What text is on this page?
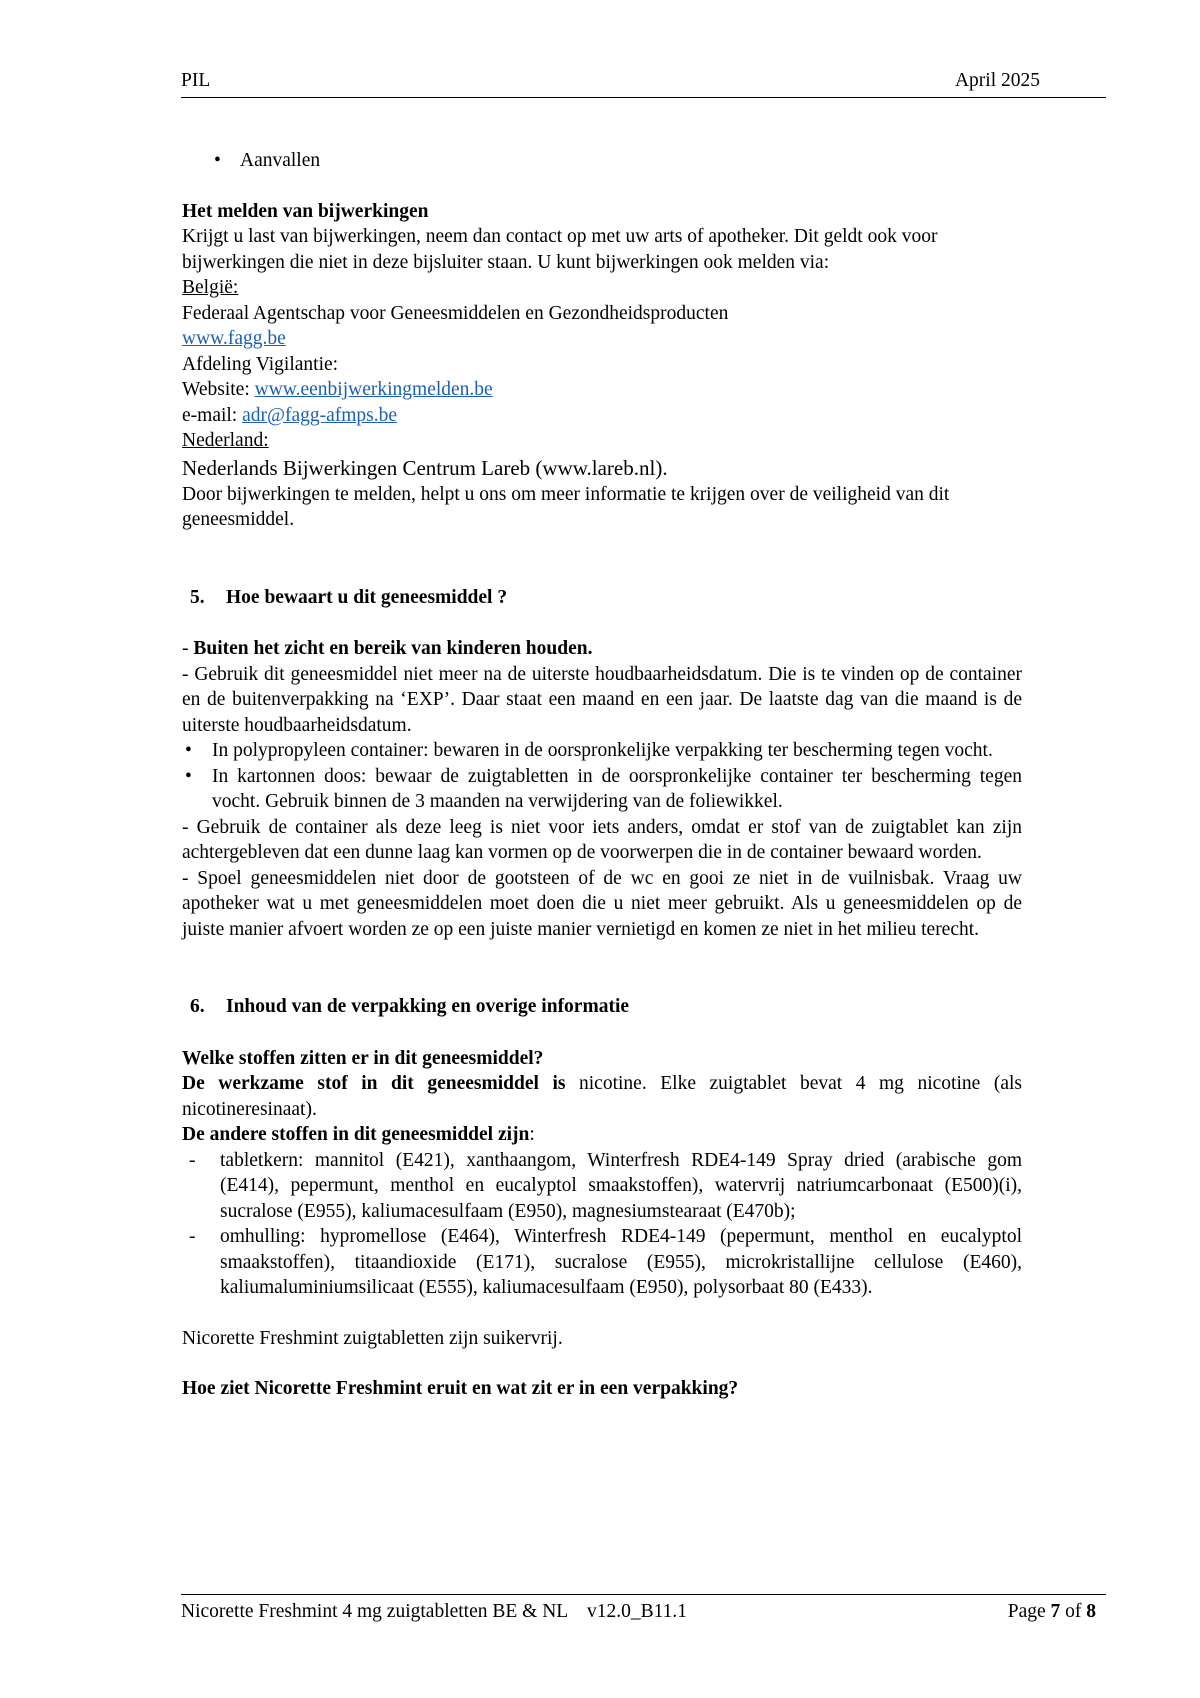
PIL	April 2025

• Aanvallen

Het melden van bijwerkingen

Krijgt u last van bijwerkingen, neem dan contact op met uw arts of apotheker. Dit geldt ook voor bijwerkingen die niet in deze bijsluiter staan. U kunt bijwerkingen ook melden via:

België:

Federaal Agentschap voor Geneesmiddelen en Gezondheidsproducten

www.fagg.be

Afdeling Vigilantie:

Website: www.eenbijwerkingmelden.be

e-mail: adr@fagg-afmps.be

Nederland:

Nederlands Bijwerkingen Centrum Lareb (www.lareb.nl).

Door bijwerkingen te melden, helpt u ons om meer informatie te krijgen over de veiligheid van dit geneesmiddel.

5. Hoe bewaart u dit geneesmiddel ?

- Buiten het zicht en bereik van kinderen houden.

- Gebruik dit geneesmiddel niet meer na de uiterste houdbaarheidsdatum. Die is te vinden op de container en de buitenverpakking na ‘EXP’. Daar staat een maand en een jaar. De laatste dag van die maand is de uiterste houdbaarheidsdatum.

• In polypropyleen container: bewaren in de oorspronkelijke verpakking ter bescherming tegen vocht.

• In kartonnen doos: bewaar de zuigtabletten in de oorspronkelijke container ter bescherming tegen vocht. Gebruik binnen de 3 maanden na verwijdering van de foliewikkel.

- Gebruik de container als deze leeg is niet voor iets anders, omdat er stof van de zuigtablet kan zijn achtergebleven dat een dunne laag kan vormen op de voorwerpen die in de container bewaard worden.

- Spoel geneesmiddelen niet door de gootsteen of de wc en gooi ze niet in de vuilnisbak. Vraag uw apotheker wat u met geneesmiddelen moet doen die u niet meer gebruikt. Als u geneesmiddelen op de juiste manier afvoert worden ze op een juiste manier vernietigd en komen ze niet in het milieu terecht.

6. Inhoud van de verpakking en overige informatie

Welke stoffen zitten er in dit geneesmiddel?

De werkzame stof in dit geneesmiddel is nicotine. Elke zuigtablet bevat 4 mg nicotine (als nicotineresinaat).

De andere stoffen in dit geneesmiddel zijn:

- tabletkern: mannitol (E421), xanthaangom, Winterfresh RDE4-149 Spray dried (arabische gom (E414), pepermunt, menthol en eucalyptol smaakstoffen), watervrij natriumcarbonaat (E500)(i), sucralose (E955), kaliumacesulfaam (E950), magnesiumstearaat (E470b);

- omhulling: hypromellose (E464), Winterfresh RDE4-149 (pepermunt, menthol en eucalyptol smaakstoffen), titaandioxide (E171), sucralose (E955), microkristallijne cellulose (E460), kaliumaluminiumsilicaat (E555), kaliumacesulfaam (E950), polysorbaat 80 (E433).

Nicorette Freshmint zuigtabletten zijn suikervrij.

Hoe ziet Nicorette Freshmint eruit en wat zit er in een verpakking?

Nicorette Freshmint 4 mg zuigtabletten BE & NL    v12.0_B11.1	Page 7 of 8
